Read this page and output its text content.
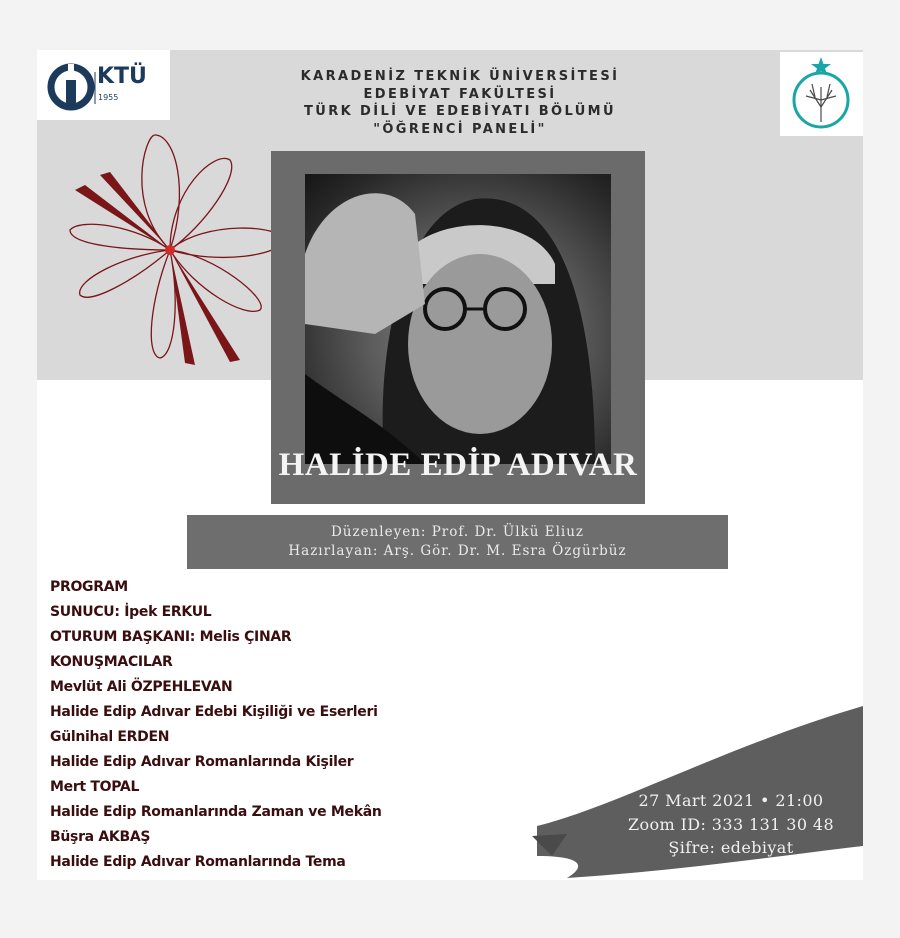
KTÜ
1955
KARADENİZ TEKNİK ÜNİVERSİTESİ
EDEBİYAT FAKÜLTESİ
TÜRK DİLİ VE EDEBİYATI BÖLÜMÜ
"ÖĞRENCİ PANELİ"
HALİDE EDİP ADIVAR
Düzenleyen: Prof. Dr. Ülkü Eliuz
Hazırlayan: Arş. Gör. Dr. M. Esra Özgürbüz
PROGRAM
SUNUCU: İpek ERKUL
OTURUM BAŞKANI: Melis ÇINAR
KONUŞMACILAR
Mevlüt Ali ÖZPEHLEVAN
Halide Edip Adıvar Edebi Kişiliği ve Eserleri
Gülnihal ERDEN
Halide Edip Adıvar Romanlarında Kişiler
Mert TOPAL
Halide Edip Romanlarında Zaman ve Mekân
Büşra AKBAŞ
Halide Edip Adıvar Romanlarında Tema
27 Mart 2021 • 21:00
Zoom ID: 333 131 30 48
Şifre: edebiyat
